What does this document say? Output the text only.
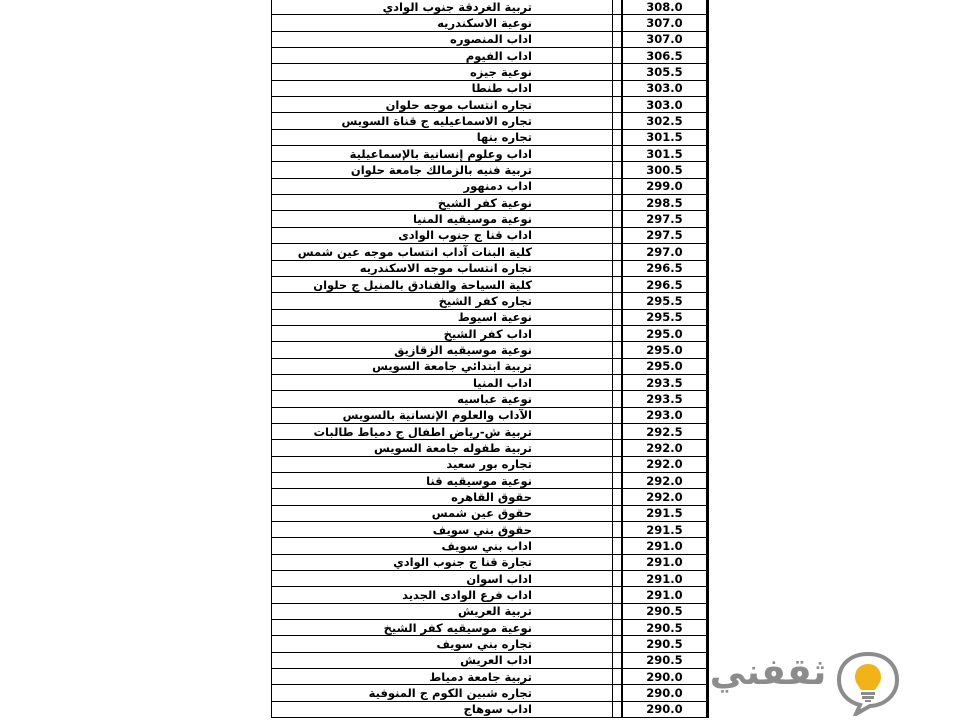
تربية الغردقة جنوب الوادي	308.0
نوعية الاسكندريه	307.0
اداب المنصوره	307.0
اداب الفيوم	306.5
نوعية جيزه	305.5
اداب طنطا	303.0
تجاره انتساب موجه حلوان	303.0
تجاره الاسماعيليه ج قناة السويس	302.5
تجاره بنها	301.5
اداب وعلوم إنسانية بالإسماعيلية	301.5
تربية فنيه بالزمالك جامعة حلوان	300.5
اداب دمنهور	299.0
نوعية كفر الشيخ	298.5
نوعية موسيقيه المنيا	297.5
اداب قنا ج جنوب الوادى	297.5
كلية البنات آداب انتساب موجه عين شمس	297.0
تجاره انتساب موجه الاسكندريه	296.5
كلية السياحة والفنادق بالمنيل ج حلوان	296.5
تجاره كفر الشيخ	295.5
نوعية اسيوط	295.5
اداب كفر الشيخ	295.0
نوعية موسيقيه الزقازيق	295.0
تربية ابتدائي جامعة السويس	295.0
اداب المنيا	293.5
نوعية عباسيه	293.5
الآداب والعلوم الإنسانية بالسويس	293.0
تربية ش-رياض اطفال ج دمياط طالبات	292.5
تربية طفوله جامعة السويس	292.0
تجاره بور سعيد	292.0
نوعية موسيقيه قنا	292.0
حقوق القاهره	292.0
حقوق عين شمس	291.5
حقوق بني سويف	291.5
اداب بني سويف	291.0
تجارة قنا ج جنوب الوادي	291.0
اداب اسوان	291.0
اداب فرع الوادى الجديد	291.0
تربية العريش	290.5
نوعية موسيقيه كفر الشيخ	290.5
تجاره بني سويف	290.5
اداب العريش	290.5
تربية جامعة دمياط	290.0
تجاره شبين الكوم ج المنوفية	290.0
اداب سوهاج	290.0
ثقفني
